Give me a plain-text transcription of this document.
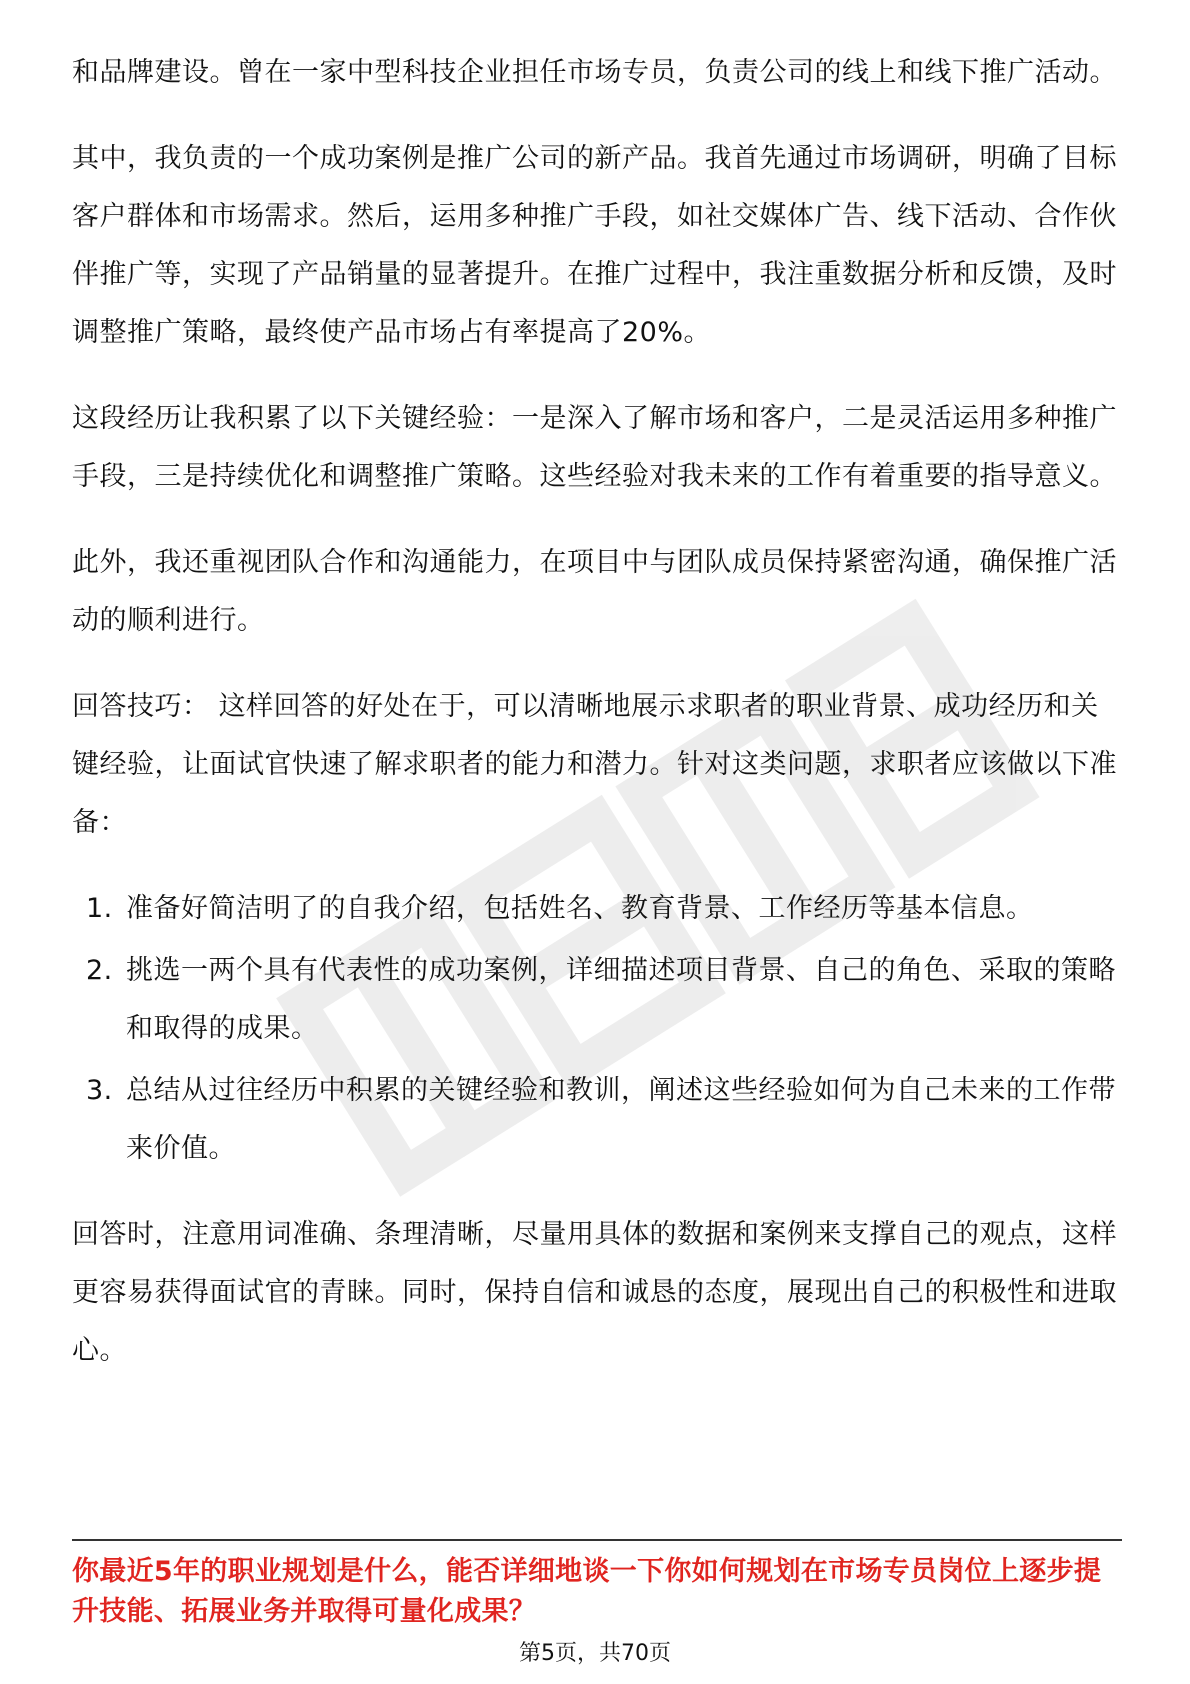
和品牌建设。曾在一家中型科技企业担任市场专员，负责公司的线上和线下推广活动。

其中，我负责的一个成功案例是推广公司的新产品。我首先通过市场调研，明确了目标客户群体和市场需求。然后，运用多种推广手段，如社交媒体广告、线下活动、合作伙伴推广等，实现了产品销量的显著提升。在推广过程中，我注重数据分析和反馈，及时调整推广策略，最终使产品市场占有率提高了20%。

这段经历让我积累了以下关键经验：一是深入了解市场和客户，二是灵活运用多种推广手段，三是持续优化和调整推广策略。这些经验对我未来的工作有着重要的指导意义。

此外，我还重视团队合作和沟通能力，在项目中与团队成员保持紧密沟通，确保推广活动的顺利进行。

回答技巧： 这样回答的好处在于，可以清晰地展示求职者的职业背景、成功经历和关键经验，让面试官快速了解求职者的能力和潜力。针对这类问题，求职者应该做以下准备：

1. 准备好简洁明了的自我介绍，包括姓名、教育背景、工作经历等基本信息。
2. 挑选一两个具有代表性的成功案例，详细描述项目背景、自己的角色、采取的策略和取得的成果。
3. 总结从过往经历中积累的关键经验和教训，阐述这些经验如何为自己未来的工作带来价值。

回答时，注意用词准确、条理清晰，尽量用具体的数据和案例来支撑自己的观点，这样更容易获得面试官的青睐。同时，保持自信和诚恳的态度，展现出自己的积极性和进取心。

你最近5年的职业规划是什么，能否详细地谈一下你如何规划在市场专员岗位上逐步提升技能、拓展业务并取得可量化成果？

第5页，共70页
